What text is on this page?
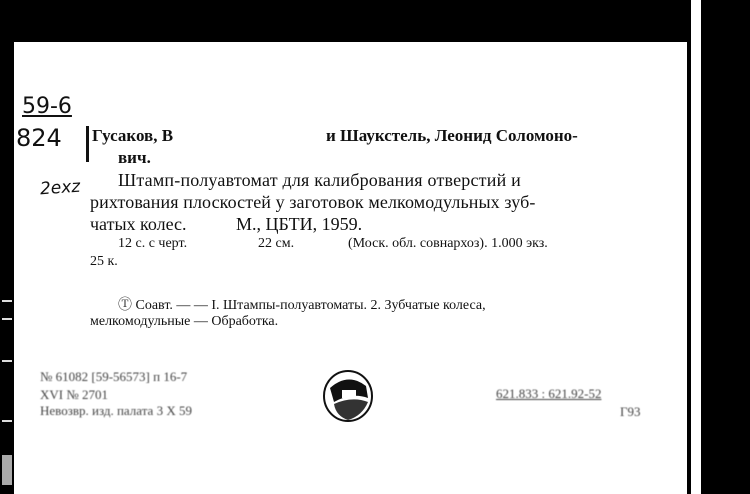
59-6
824
2exz
Гусаков, В	и Шаукстель, Леонид Соломоно-
вич.
Штамп-полуавтомат для калибрования отверстий и
рихтования плоскостей у заготовок мелкомодульных зуб-
чатых колес.	М., ЦБТИ, 1959.
12 с. с черт.	22 см.	(Моск. обл. совнархоз). 1.000 экз.
25 к.
Ⓣ Соавт. — — I. Штампы-полуавтоматы. 2. Зубчатые колеса,
мелкомодульные — Обработка.
№ 61082 [59-56573] п 16-7
XVI № 2701
Невозвр. изд. палата 3 Х 59
621.833 : 621.92-52
Г93
